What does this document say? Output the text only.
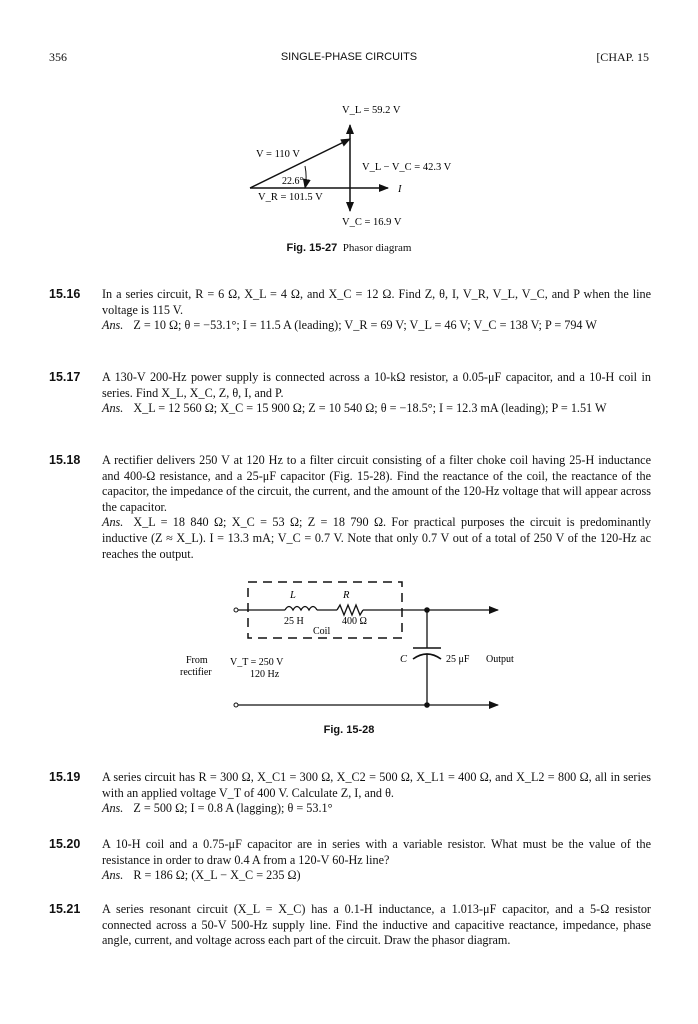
356	SINGLE-PHASE CIRCUITS	[CHAP. 15
V_L = 59.2 V
V = 110 V
V_L − V_C = 42.3 V
22.6°
V_R = 101.5 V
I
V_C = 16.9 V
Fig. 15-27 Phasor diagram
15.16 In a series circuit, R = 6 Ω, X_L = 4 Ω, and X_C = 12 Ω. Find Z, θ, I, V_R, V_L, V_C, and P when the line voltage is 115 V.

Ans. Z = 10 Ω; θ = −53.1°; I = 11.5 A (leading); V_R = 69 V; V_L = 46 V; V_C = 138 V; P = 794 W

15.17 A 130-V 200-Hz power supply is connected across a 10-kΩ resistor, a 0.05-μF capacitor, and a 10-H coil in series. Find X_L, X_C, Z, θ, I, and P.

Ans. X_L = 12 560 Ω; X_C = 15 900 Ω; Z = 10 540 Ω; θ = −18.5°; I = 12.3 mA (leading); P = 1.51 W

15.18 A rectifier delivers 250 V at 120 Hz to a filter circuit consisting of a filter choke coil having 25-H inductance and 400-Ω resistance, and a 25-μF capacitor (Fig. 15-28). Find the reactance of the coil, the reactance of the capacitor, the impedance of the circuit, the current, and the amount of the 120-Hz voltage that will appear across the capacitor.

Ans. X_L = 18 840 Ω; X_C = 53 Ω; Z = 18 790 Ω. For practical purposes the circuit is predominantly inductive (Z ≈ X_L). I = 13.3 mA; V_C = 0.7 V. Note that only 0.7 V out of a total of 250 V of the 120-Hz ac reaches the output.

L	R
25 H	400 Ω
Coil
From
rectifier
V_T = 250 V
120 Hz
C	25 μF Output
Fig. 15-28
15.19 A series circuit has R = 300 Ω, X_C1 = 300 Ω, X_C2 = 500 Ω, X_L1 = 400 Ω, and X_L2 = 800 Ω, all in series with an applied voltage V_T of 400 V. Calculate Z, I, and θ.

Ans. Z = 500 Ω; I = 0.8 A (lagging); θ = 53.1°

15.20 A 10-H coil and a 0.75-μF capacitor are in series with a variable resistor. What must be the value of the resistance in order to draw 0.4 A from a 120-V 60-Hz line?

Ans. R = 186 Ω; (X_L − X_C = 235 Ω)

15.21 A series resonant circuit (X_L = X_C) has a 0.1-H inductance, a 1.013-μF capacitor, and a 5-Ω resistor connected across a 50-V 500-Hz supply line. Find the inductive and capacitive reactance, impedance, phase angle, current, and voltage across each part of the circuit. Draw the phasor diagram.
